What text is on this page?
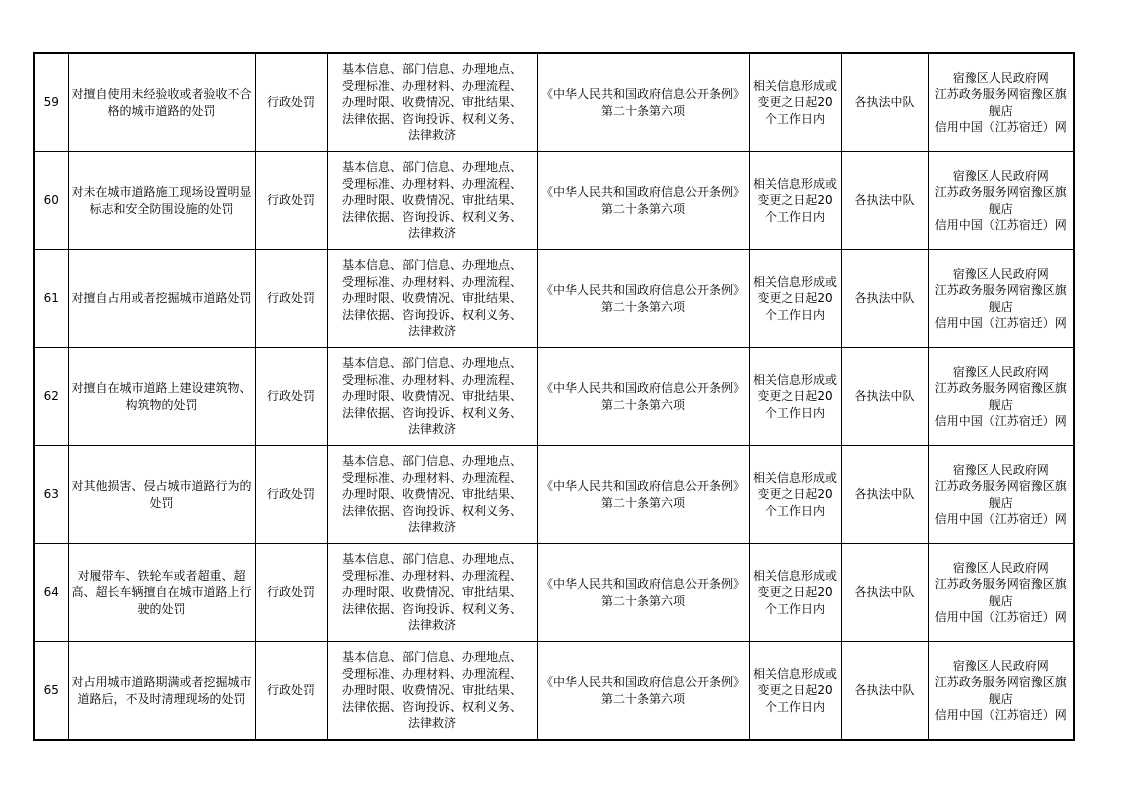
59	对擅自使用未经验收或者验收不合格的城市道路的处罚	行政处罚	基本信息、部门信息、办理地点、
受理标准、办理材料、办理流程、
办理时限、收费情况、审批结果、
法律依据、咨询投诉、权利义务、
法律救济	《中华人民共和国政府信息公开条例》第二十条第六项	相关信息形成或变更之日起20个工作日内	各执法中队	宿豫区人民政府网
江苏政务服务网宿豫区旗舰店
信用中国（江苏宿迁）网

60	对未在城市道路施工现场设置明显标志和安全防围设施的处罚	行政处罚	基本信息、部门信息、办理地点、
受理标准、办理材料、办理流程、
办理时限、收费情况、审批结果、
法律依据、咨询投诉、权利义务、
法律救济	《中华人民共和国政府信息公开条例》第二十条第六项	相关信息形成或变更之日起20个工作日内	各执法中队	宿豫区人民政府网
江苏政务服务网宿豫区旗舰店
信用中国（江苏宿迁）网

61	对擅自占用或者挖掘城市道路处罚	行政处罚	基本信息、部门信息、办理地点、
受理标准、办理材料、办理流程、
办理时限、收费情况、审批结果、
法律依据、咨询投诉、权利义务、
法律救济	《中华人民共和国政府信息公开条例》第二十条第六项	相关信息形成或变更之日起20个工作日内	各执法中队	宿豫区人民政府网
江苏政务服务网宿豫区旗舰店
信用中国（江苏宿迁）网

62	对擅自在城市道路上建设建筑物、构筑物的处罚	行政处罚	基本信息、部门信息、办理地点、
受理标准、办理材料、办理流程、
办理时限、收费情况、审批结果、
法律依据、咨询投诉、权利义务、
法律救济	《中华人民共和国政府信息公开条例》第二十条第六项	相关信息形成或变更之日起20个工作日内	各执法中队	宿豫区人民政府网
江苏政务服务网宿豫区旗舰店
信用中国（江苏宿迁）网

63	对其他损害、侵占城市道路行为的处罚	行政处罚	基本信息、部门信息、办理地点、
受理标准、办理材料、办理流程、
办理时限、收费情况、审批结果、
法律依据、咨询投诉、权利义务、
法律救济	《中华人民共和国政府信息公开条例》第二十条第六项	相关信息形成或变更之日起20个工作日内	各执法中队	宿豫区人民政府网
江苏政务服务网宿豫区旗舰店
信用中国（江苏宿迁）网

64	对履带车、铁轮车或者超重、超高、超长车辆擅自在城市道路上行驶的处罚	行政处罚	基本信息、部门信息、办理地点、
受理标准、办理材料、办理流程、
办理时限、收费情况、审批结果、
法律依据、咨询投诉、权利义务、
法律救济	《中华人民共和国政府信息公开条例》第二十条第六项	相关信息形成或变更之日起20个工作日内	各执法中队	宿豫区人民政府网
江苏政务服务网宿豫区旗舰店
信用中国（江苏宿迁）网

65	对占用城市道路期满或者挖掘城市道路后，不及时清理现场的处罚	行政处罚	基本信息、部门信息、办理地点、
受理标准、办理材料、办理流程、
办理时限、收费情况、审批结果、
法律依据、咨询投诉、权利义务、
法律救济	《中华人民共和国政府信息公开条例》第二十条第六项	相关信息形成或变更之日起20个工作日内	各执法中队	宿豫区人民政府网
江苏政务服务网宿豫区旗舰店
信用中国（江苏宿迁）网
